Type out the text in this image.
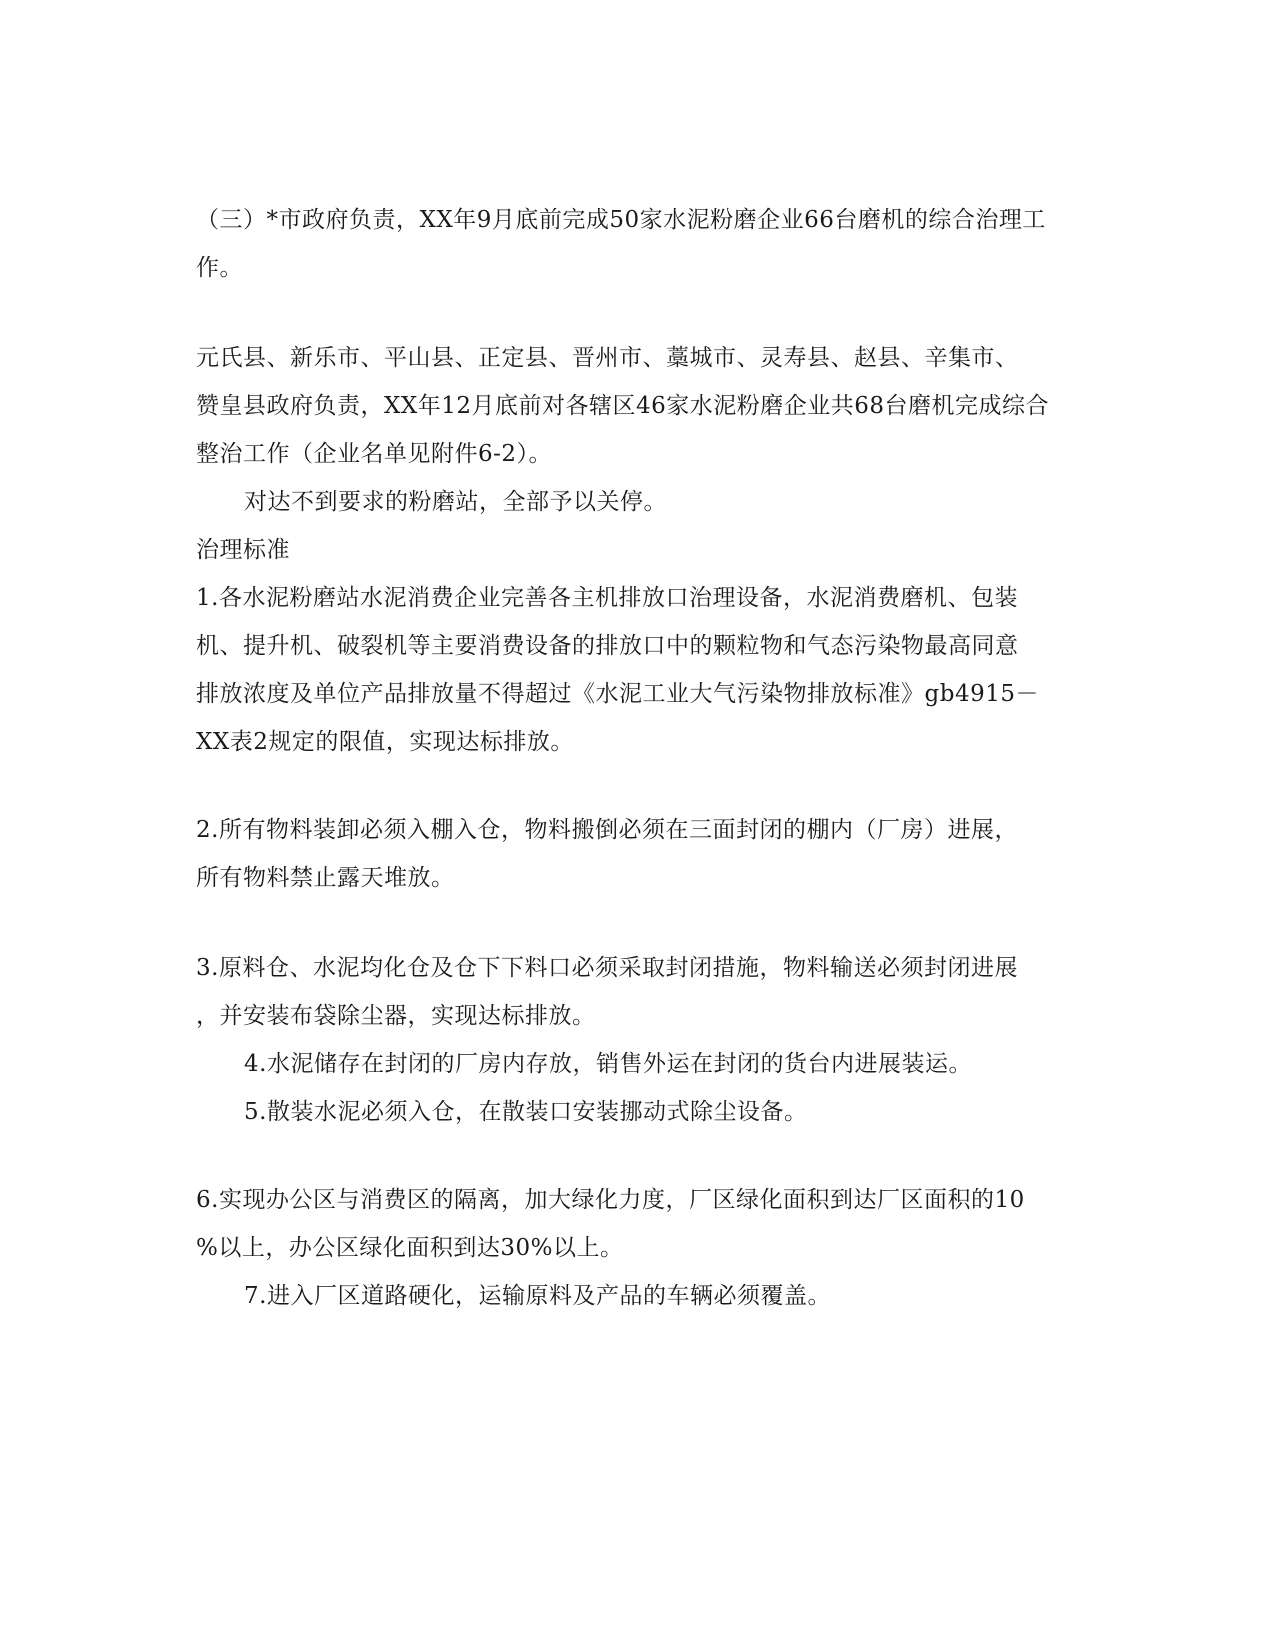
（三）*市政府负责，XX年9月底前完成50家水泥粉磨企业66台磨机的综合治理工
作。

元氏县、新乐市、平山县、正定县、晋州市、藁城市、灵寿县、赵县、辛集市、
赞皇县政府负责，XX年12月底前对各辖区46家水泥粉磨企业共68台磨机完成综合
整治工作（企业名单见附件6-2）。

对达不到要求的粉磨站，全部予以关停。

治理标准

1.各水泥粉磨站水泥消费企业完善各主机排放口治理设备，水泥消费磨机、包装
机、提升机、破裂机等主要消费设备的排放口中的颗粒物和气态污染物最高同意
排放浓度及单位产品排放量不得超过《水泥工业大气污染物排放标准》gb4915－
XX表2规定的限值，实现达标排放。

2.所有物料装卸必须入棚入仓，物料搬倒必须在三面封闭的棚内（厂房）进展，
所有物料禁止露天堆放。

3.原料仓、水泥均化仓及仓下下料口必须采取封闭措施，物料输送必须封闭进展
，并安装布袋除尘器，实现达标排放。

4.水泥储存在封闭的厂房内存放，销售外运在封闭的货台内进展装运。

5.散装水泥必须入仓，在散装口安装挪动式除尘设备。

6.实现办公区与消费区的隔离，加大绿化力度，厂区绿化面积到达厂区面积的10
%以上，办公区绿化面积到达30%以上。

7.进入厂区道路硬化，运输原料及产品的车辆必须覆盖。
